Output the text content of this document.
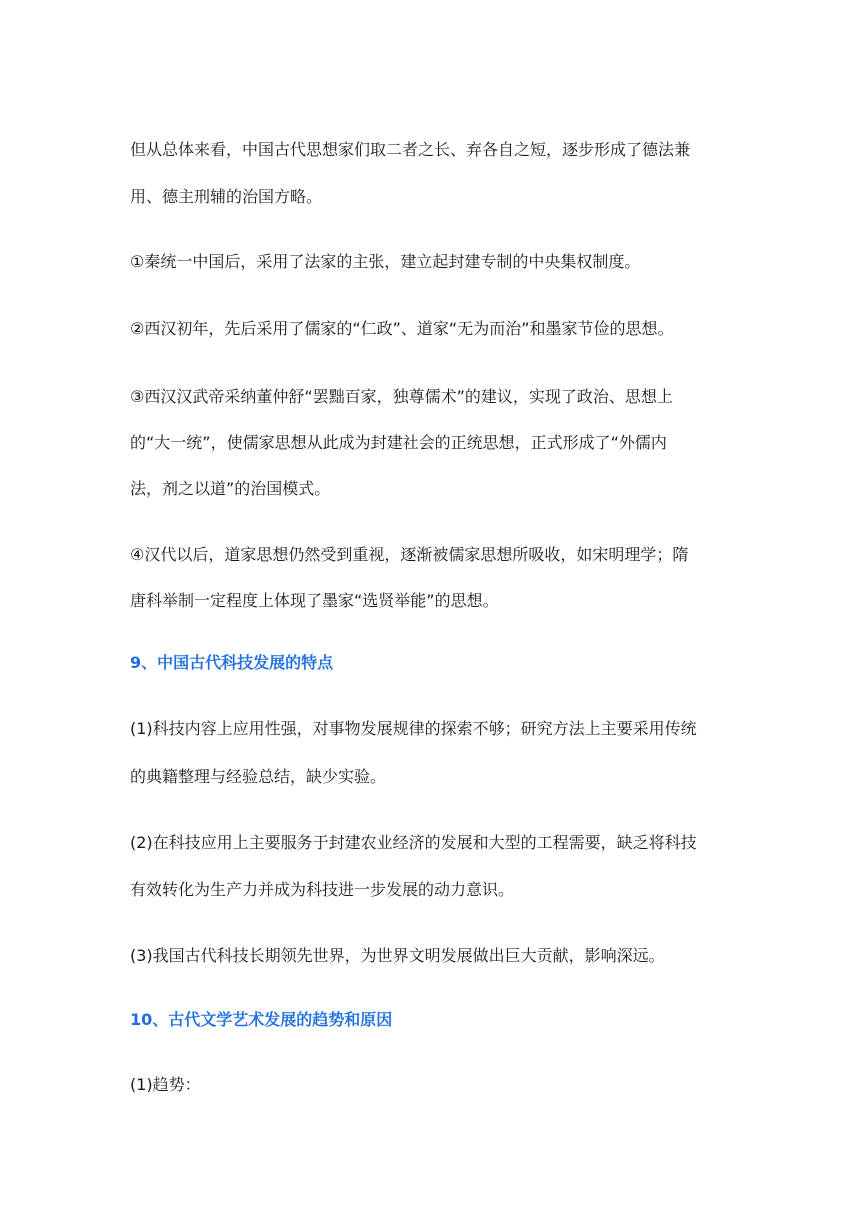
但从总体来看，中国古代思想家们取二者之长、弃各自之短，逐步形成了德法兼
用、德主刑辅的治国方略。
①秦统一中国后，采用了法家的主张，建立起封建专制的中央集权制度。
②西汉初年，先后采用了儒家的“仁政”、道家“无为而治”和墨家节俭的思想。
③西汉汉武帝采纳董仲舒“罢黜百家，独尊儒术”的建议，实现了政治、思想上
的“大一统”，使儒家思想从此成为封建社会的正统思想，正式形成了“外儒内
法，剂之以道”的治国模式。
④汉代以后，道家思想仍然受到重视，逐渐被儒家思想所吸收，如宋明理学；隋
唐科举制一定程度上体现了墨家“选贤举能”的思想。
9、中国古代科技发展的特点
(1)科技内容上应用性强，对事物发展规律的探索不够；研究方法上主要采用传统
的典籍整理与经验总结，缺少实验。
(2)在科技应用上主要服务于封建农业经济的发展和大型的工程需要，缺乏将科技
有效转化为生产力并成为科技进一步发展的动力意识。
(3)我国古代科技长期领先世界，为世界文明发展做出巨大贡献，影响深远。
10、古代文学艺术发展的趋势和原因
(1)趋势：
